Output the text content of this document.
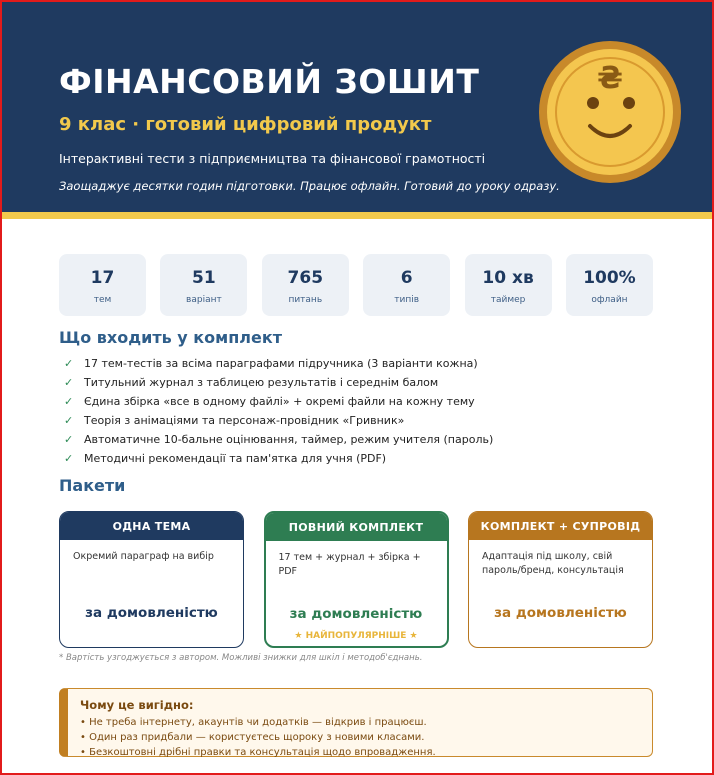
ФІНАНСОВИЙ ЗОШИТ
9 клас · готовий цифровий продукт
Інтерактивні тести з підприємництва та фінансової грамотності
Заощаджує десятки годин підготовки. Працює офлайн. Готовий до уроку одразу.
₴
17
тем
51
варіант
765
питань
6
типів
10 хв
таймер
100%
офлайн
Що входить у комплект
✓ 17 тем-тестів за всіма параграфами підручника (3 варіанти кожна)
✓ Титульний журнал з таблицею результатів і середнім балом
✓ Єдина збірка «все в одному файлі» + окремі файли на кожну тему
✓ Теорія з анімаціями та персонаж-провідник «Гривник»
✓ Автоматичне 10-бальне оцінювання, таймер, режим учителя (пароль)
✓ Методичні рекомендації та пам'ятка для учня (PDF)
Пакети
ОДНА ТЕМА
Окремий параграф на вибір
за домовленістю
ПОВНИЙ КОМПЛЕКТ
17 тем + журнал + збірка + PDF
за домовленістю
★ НАЙПОПУЛЯРНІШЕ ★
КОМПЛЕКТ + СУПРОВІД
Адаптація під школу, свій пароль/бренд, консультація
за домовленістю
* Вартість узгоджується з автором. Можливі знижки для шкіл і методоб'єднань.
Чому це вигідно:
• Не треба інтернету, акаунтів чи додатків — відкрив і працюєш.
• Один раз придбали — користуєтесь щороку з новими класами.
• Безкоштовні дрібні правки та консультація щодо впровадження.
